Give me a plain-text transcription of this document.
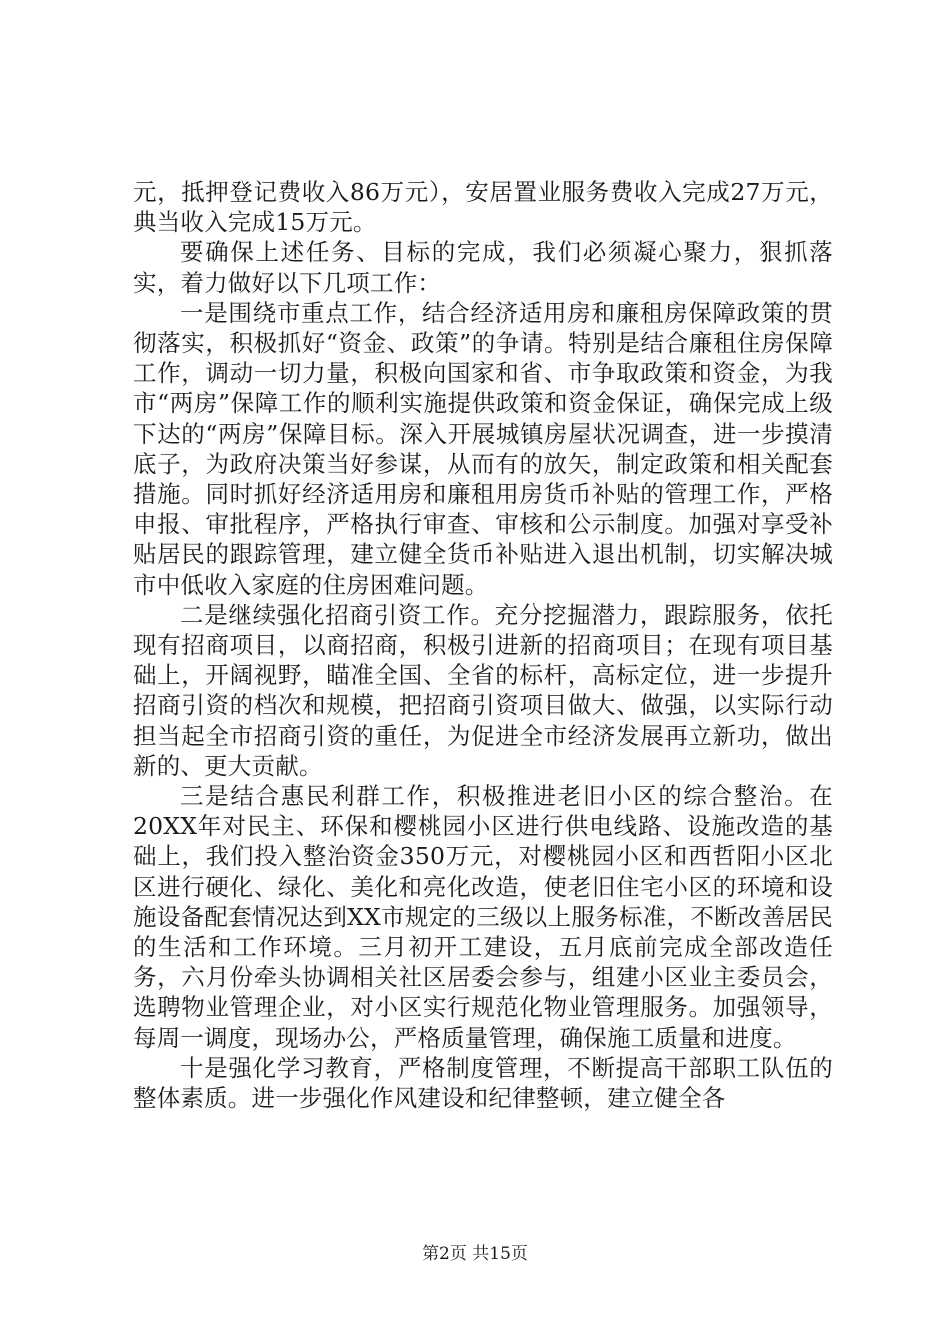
元，抵押登记费收入86万元），安居置业服务费收入完成27万元，典当收入完成15万元。

要确保上述任务、目标的完成，我们必须凝心聚力，狠抓落实，着力做好以下几项工作：

一是围绕市重点工作，结合经济适用房和廉租房保障政策的贯彻落实，积极抓好“资金、政策”的争请。特别是结合廉租住房保障工作，调动一切力量，积极向国家和省、市争取政策和资金，为我市“两房”保障工作的顺利实施提供政策和资金保证，确保完成上级下达的“两房”保障目标。深入开展城镇房屋状况调查，进一步摸清底子，为政府决策当好参谋，从而有的放矢，制定政策和相关配套措施。同时抓好经济适用房和廉租用房货币补贴的管理工作，严格申报、审批程序，严格执行审查、审核和公示制度。加强对享受补贴居民的跟踪管理，建立健全货币补贴进入退出机制，切实解决城市中低收入家庭的住房困难问题。

二是继续强化招商引资工作。充分挖掘潜力，跟踪服务，依托现有招商项目，以商招商，积极引进新的招商项目；在现有项目基础上，开阔视野，瞄准全国、全省的标杆，高标定位，进一步提升招商引资的档次和规模，把招商引资项目做大、做强，以实际行动担当起全市招商引资的重任，为促进全市经济发展再立新功，做出新的、更大贡献。

三是结合惠民利群工作，积极推进老旧小区的综合整治。在20XX年对民主、环保和樱桃园小区进行供电线路、设施改造的基础上，我们投入整治资金350万元，对樱桃园小区和西哲阳小区北区进行硬化、绿化、美化和亮化改造，使老旧住宅小区的环境和设施设备配套情况达到XX市规定的三级以上服务标准，不断改善居民的生活和工作环境。三月初开工建设，五月底前完成全部改造任务，六月份牵头协调相关社区居委会参与，组建小区业主委员会，选聘物业管理企业，对小区实行规范化物业管理服务。加强领导，每周一调度，现场办公，严格质量管理，确保施工质量和进度。

十是强化学习教育，严格制度管理，不断提高干部职工队伍的整体素质。进一步强化作风建设和纪律整顿，建立健全各

第2页 共15页
